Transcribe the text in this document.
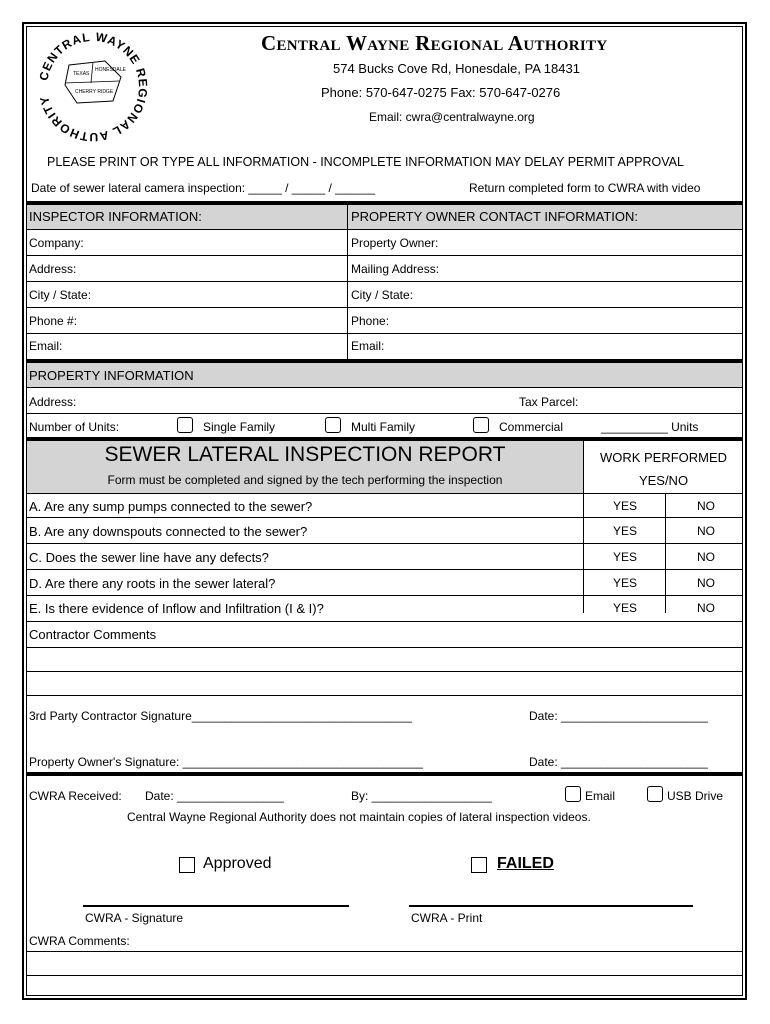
CENTRAL WAYNE REGIONAL AUTHORITY
TEXAS
HONESDALE
CHERRY RIDGE
Central Wayne Regional Authority
574 Bucks Cove Rd, Honesdale, PA 18431
Phone: 570-647-0275 Fax: 570-647-0276
Email: cwra@centralwayne.org
PLEASE PRINT OR TYPE ALL INFORMATION - INCOMPLETE INFORMATION MAY DELAY PERMIT APPROVAL
Date of sewer lateral camera inspection: _____ / _____ / ______	Return completed form to CWRA with video
INSPECTOR INFORMATION:	PROPERTY OWNER CONTACT INFORMATION:
Company:	Property Owner:
Address:	Mailing Address:
City / State:	City / State:
Phone #:	Phone:
Email:	Email:
PROPERTY INFORMATION
Address:	Tax Parcel:
Number of Units:	Single Family	Multi Family	Commercial	__________ Units
SEWER LATERAL INSPECTION REPORT
Form must be completed and signed by the tech performing the inspection
WORK PERFORMED
YES/NO
A. Are any sump pumps connected to the sewer?	YES	NO
B. Are any downspouts connected to the sewer?	YES	NO
C. Does the sewer line have any defects?	YES	NO
D. Are there any roots in the sewer lateral?	YES	NO
E. Is there evidence of Inflow and Infiltration (I & I)?	YES	NO
Contractor Comments
3rd Party Contractor Signature_________________________________	Date: ______________________
Property Owner's Signature: ____________________________________	Date: ______________________
CWRA Received: Date: ________________	By: __________________	Email	USB Drive
Central Wayne Regional Authority does not maintain copies of lateral inspection videos.
Approved	FAILED
CWRA - Signature	CWRA - Print
CWRA Comments:
